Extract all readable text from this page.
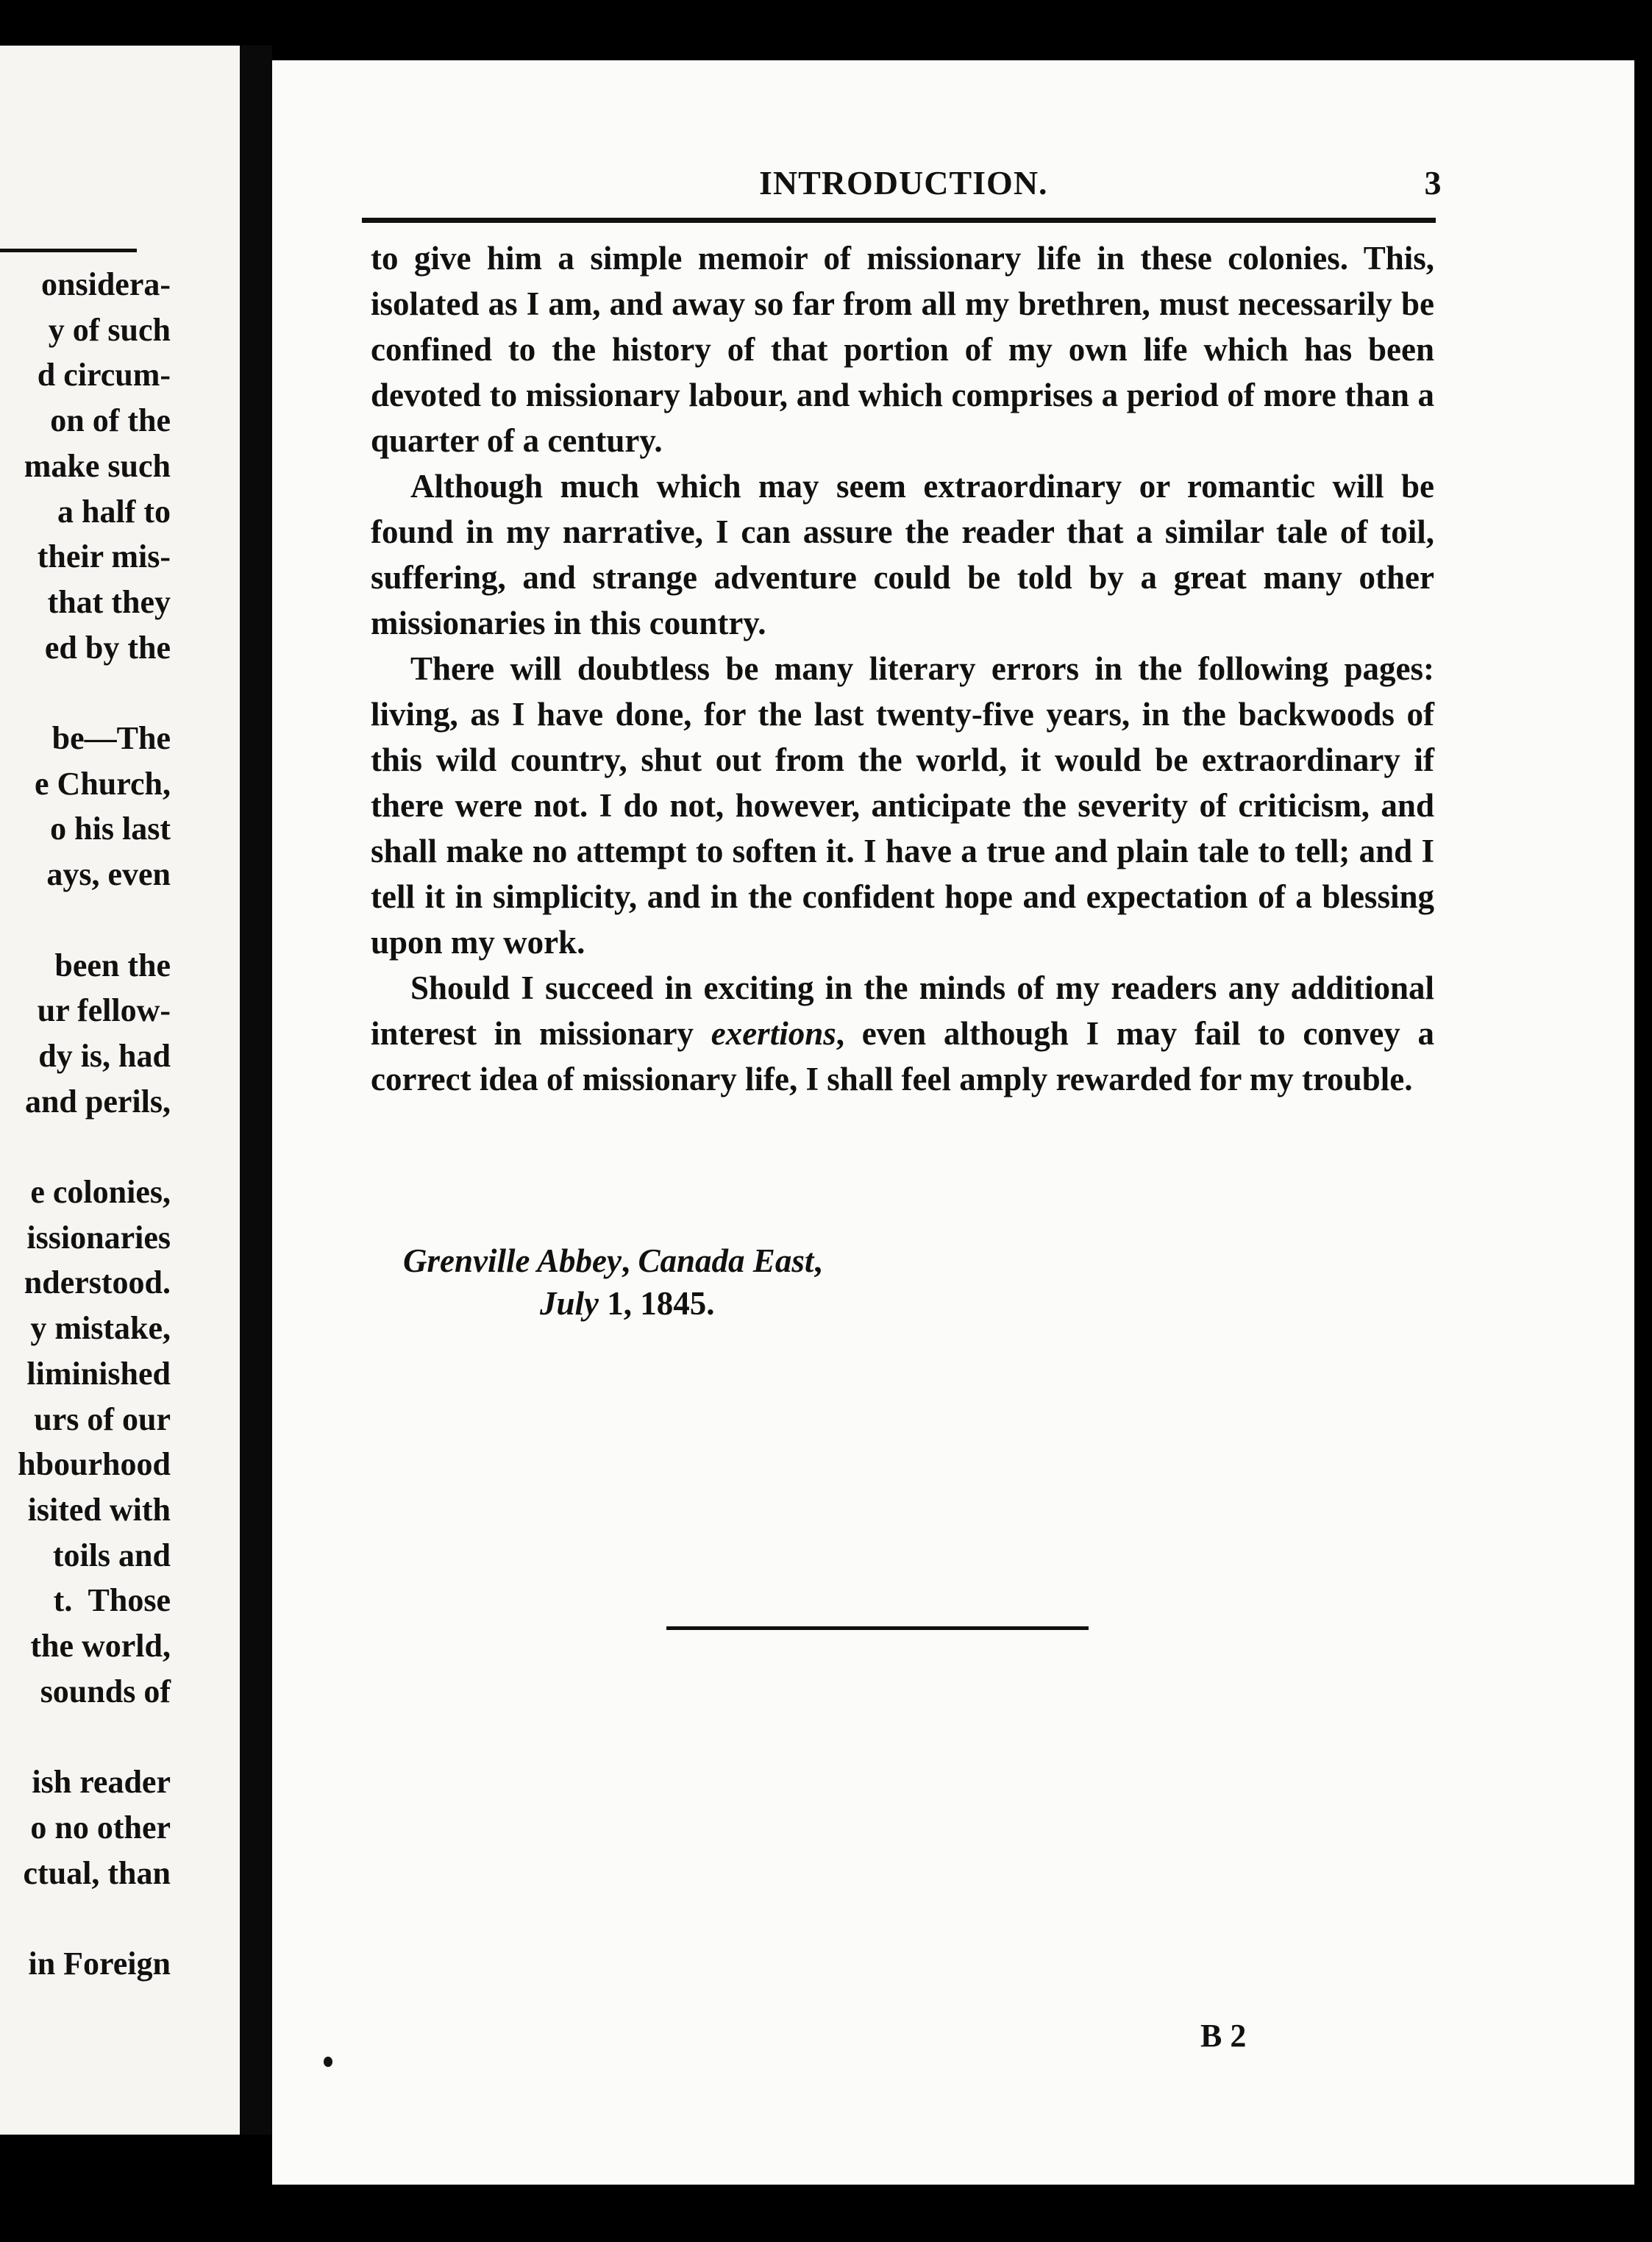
onsidera-
y of such
d circum-
on of the
make such
a half to
their mis-
that they
ed by the

be—The
e Church,
o his last
ays, even

been the
ur fellow-
dy is, had
and perils,

e colonies,
issionaries
nderstood.
y mistake,
liminished
urs of our
hbourhood
isited with
toils and
t.  Those
the world,
sounds of

ish reader
o no other
ctual, than

in Foreign
INTRODUCTION.	3

to give him a simple memoir of missionary life in these colonies. This, isolated as I am, and away so far from all my brethren, must necessarily be confined to the history of that portion of my own life which has been devoted to missionary labour, and which comprises a period of more than a quarter of a century.

Although much which may seem extraordinary or romantic will be found in my narrative, I can assure the reader that a similar tale of toil, suffering, and strange adventure could be told by a great many other missionaries in this country.

There will doubtless be many literary errors in the following pages: living, as I have done, for the last twenty-five years, in the backwoods of this wild country, shut out from the world, it would be extraordinary if there were not. I do not, however, anticipate the severity of criticism, and shall make no attempt to soften it. I have a true and plain tale to tell; and I tell it in simplicity, and in the confident hope and expectation of a blessing upon my work.

Should I succeed in exciting in the minds of my readers any additional interest in missionary exertions, even although I may fail to convey a correct idea of missionary life, I shall feel amply rewarded for my trouble.

Grenville Abbey, Canada East,
July 1, 1845.
B 2
